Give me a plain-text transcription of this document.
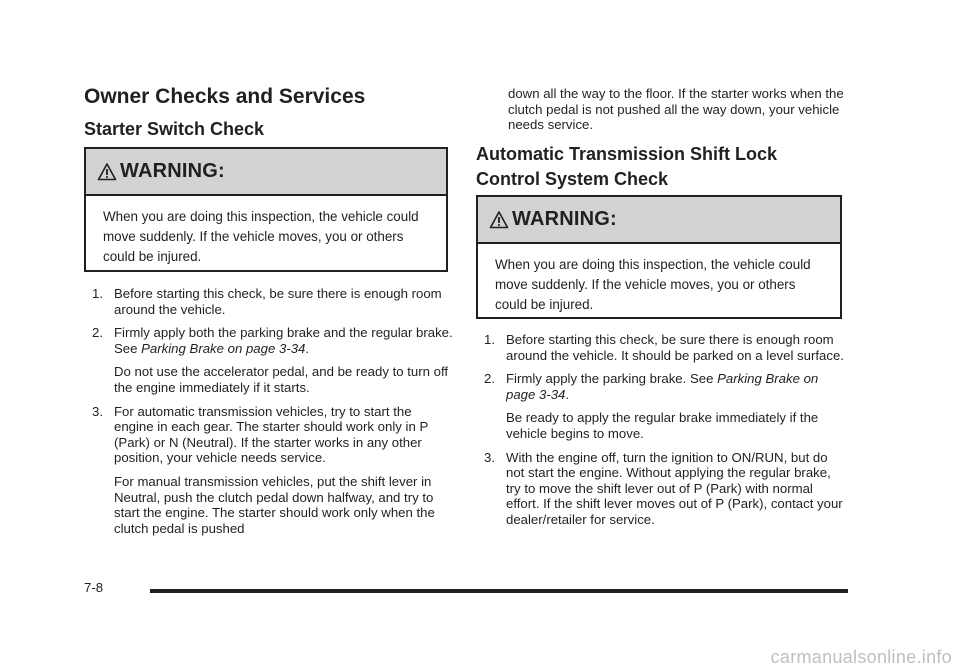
Owner Checks and Services
Starter Switch Check
WARNING:
When you are doing this inspection, the vehicle could move suddenly. If the vehicle moves, you or others could be injured.
1. Before starting this check, be sure there is enough room around the vehicle.
2. Firmly apply both the parking brake and the regular brake. See Parking Brake on page 3-34.

Do not use the accelerator pedal, and be ready to turn off the engine immediately if it starts.

3. For automatic transmission vehicles, try to start the engine in each gear. The starter should work only in P (Park) or N (Neutral). If the starter works in any other position, your vehicle needs service.

For manual transmission vehicles, put the shift lever in Neutral, push the clutch pedal down halfway, and try to start the engine. The starter should work only when the clutch pedal is pushed

down all the way to the floor. If the starter works when the clutch pedal is not pushed all the way down, your vehicle needs service.

Automatic Transmission Shift Lock Control System Check
WARNING:
When you are doing this inspection, the vehicle could move suddenly. If the vehicle moves, you or others could be injured.
1. Before starting this check, be sure there is enough room around the vehicle. It should be parked on a level surface.
2. Firmly apply the parking brake. See Parking Brake on page 3-34.

Be ready to apply the regular brake immediately if the vehicle begins to move.

3. With the engine off, turn the ignition to ON/RUN, but do not start the engine. Without applying the regular brake, try to move the shift lever out of P (Park) with normal effort. If the shift lever moves out of P (Park), contact your dealer/retailer for service.
7-8
carmanualsonline.info
